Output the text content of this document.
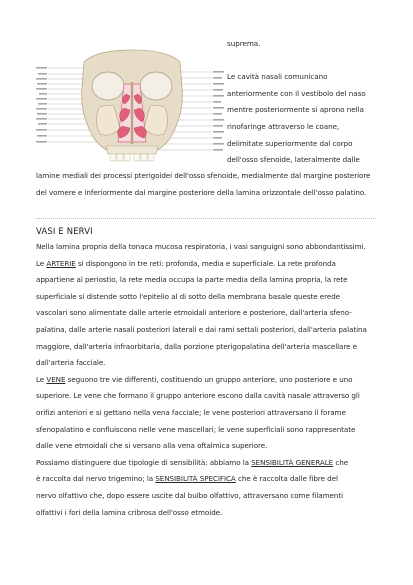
suprema.

Le cavità nasali comunicano
anteriormente con il vestibolo del naso
mentre posteriormente si aprono nella
rinofaringe attraverso le coane,
delimitate superiormente dal corpo
dell'osso sfenoide, lateralmente dalle
lamine mediali dei processi pterigoidei dell'osso sfenoide, medialmente dal margine posteriore
del vomere e inferiormente dal margine posteriore della lamina orizzontale dell'osso palatino.
VASI E NERVI
Nella lamina propria della tonaca mucosa respiratoria, i vasi sanguigni sono abbondantissimi.
Le ARTERIE si dispongono in tre reti: profonda, media e superficiale. La rete profonda
appartiene al periostio, la rete media occupa la parte media della lamina propria, la rete
superficiale si distende sotto l'epitelio al di sotto della membrana basale queste erede
vascolari sono alimentate dalle arterie etmoidali anteriore e posteriore, dall'arteria sfeno-
palatina, dalle arterie nasali posteriori laterali e dai rami settali posteriori, dall'arteria palatina
maggiore, dall'arteria infraorbitaria, dalla porzione pterigopalatina dell'arteria mascellare e
dall'arteria facciale.
Le VENE seguono tre vie differenti, costituendo un gruppo anteriore, uno posteriore e uno
superiore. Le vene che formano il gruppo anteriore escono dalla cavità nasale attraverso gli
orifizi anteriori e si gettano nella vena facciale; le vene posteriori attraversano il forame
sfenopalatino e confluiscono nelle vene mascellari; le vene superficiali sono rappresentate
dalle vene etmoidali che si versano alla vena oftalmica superiore.
Possiamo distinguere due tipologie di sensibilità: abbiamo la SENSIBILITÀ GENERALE che
è raccolta dal nervo trigemino; la SENSIBILITÀ SPECIFICA che è raccolta dalle fibre del
nervo olfattivo che, dopo essere uscite dal bulbo olfattivo, attraversano come filamenti
olfattivi i fori della lamina cribrosa dell'osso etmoide.
